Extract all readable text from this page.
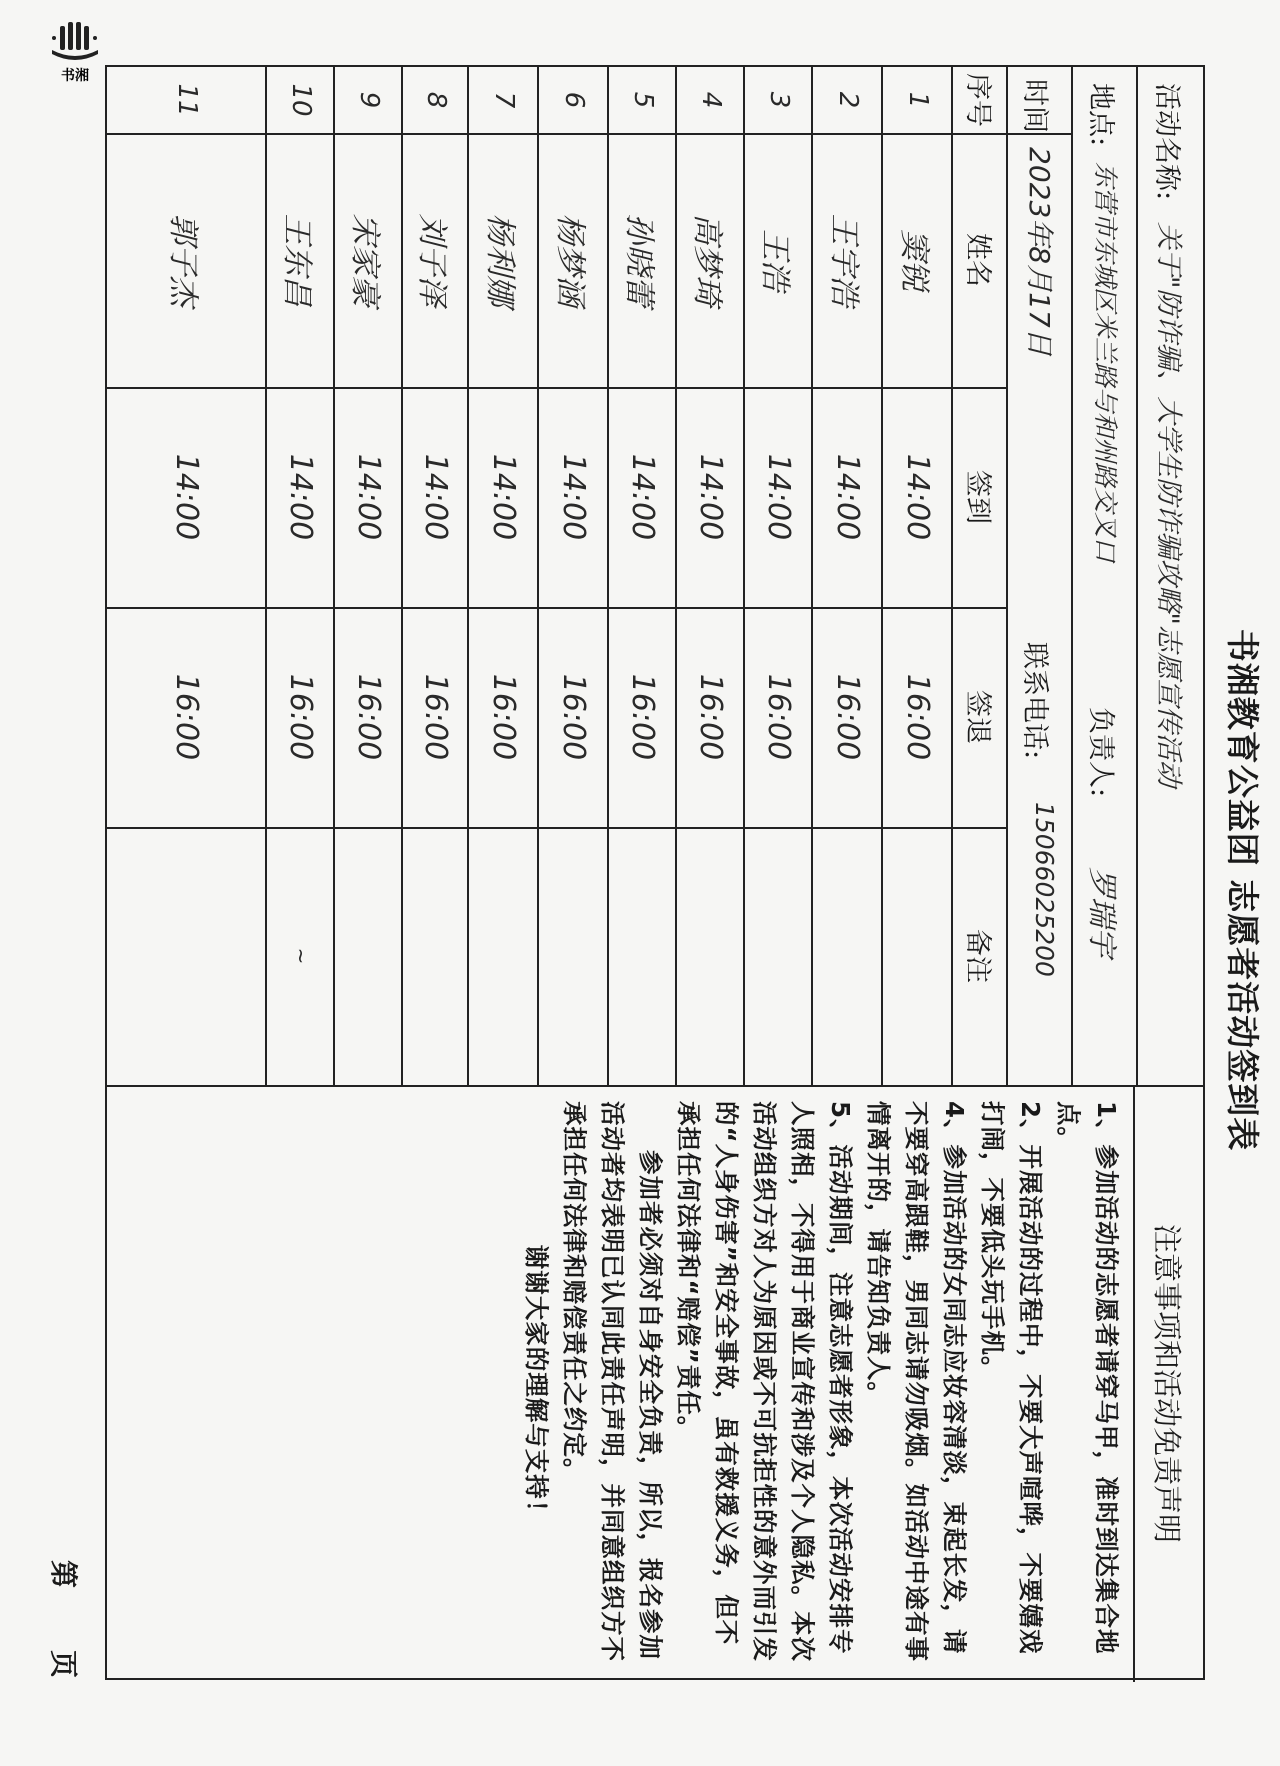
书湘
第
页
书湘教育公益团 志愿者活动签到表
活动名称:
关于"防诈骗、大学生防诈骗攻略"志愿宣传活动
地点:
东营市东城区米兰路与和州路交叉口
负责人:
罗瑞宇
时间
2023年8月17日
联系电话:
15066025200
序号
姓名
签到
签退
备注
1
窦锐
14:00
16:00
2
王宇浩
14:00
16:00
3
王浩
14:00
16:00
4
高梦琦
14:00
16:00
5
孙晓蕾
14:00
16:00
6
杨梦涵
14:00
16:00
7
杨利娜
14:00
16:00
8
刘子泽
14:00
16:00
9
宋家豪
14:00
16:00
10
王东昌
14:00
16:00
~
11
郭子杰
14:00
16:00
注意事项和活动免责声明

1、参加活动的志愿者请穿马甲，准时到达集合地点。

2、开展活动的过程中，不要大声喧哗，不要嬉戏打闹，不要低头玩手机。

4、参加活动的女同志应妆容清淡，束起长发，请不要穿高跟鞋，男同志请勿吸烟。如活动中途有事情离开的，请告知负责人。

5、活动期间，注意志愿者形象，本次活动安排专人照相，不得用于商业宣传和涉及个人隐私。本次活动组织方对人为原因或不可抗拒性的意外而引发的“人身伤害”和安全事故，虽有救援义务，但不承担任何法律和“赔偿”责任。

参加者必须对自身安全负责，所以，报名参加活动者均表明已认同此责任声明，并同意组织方不承担任何法律和赔偿责任之约定。

谢谢大家的理解与支持！
